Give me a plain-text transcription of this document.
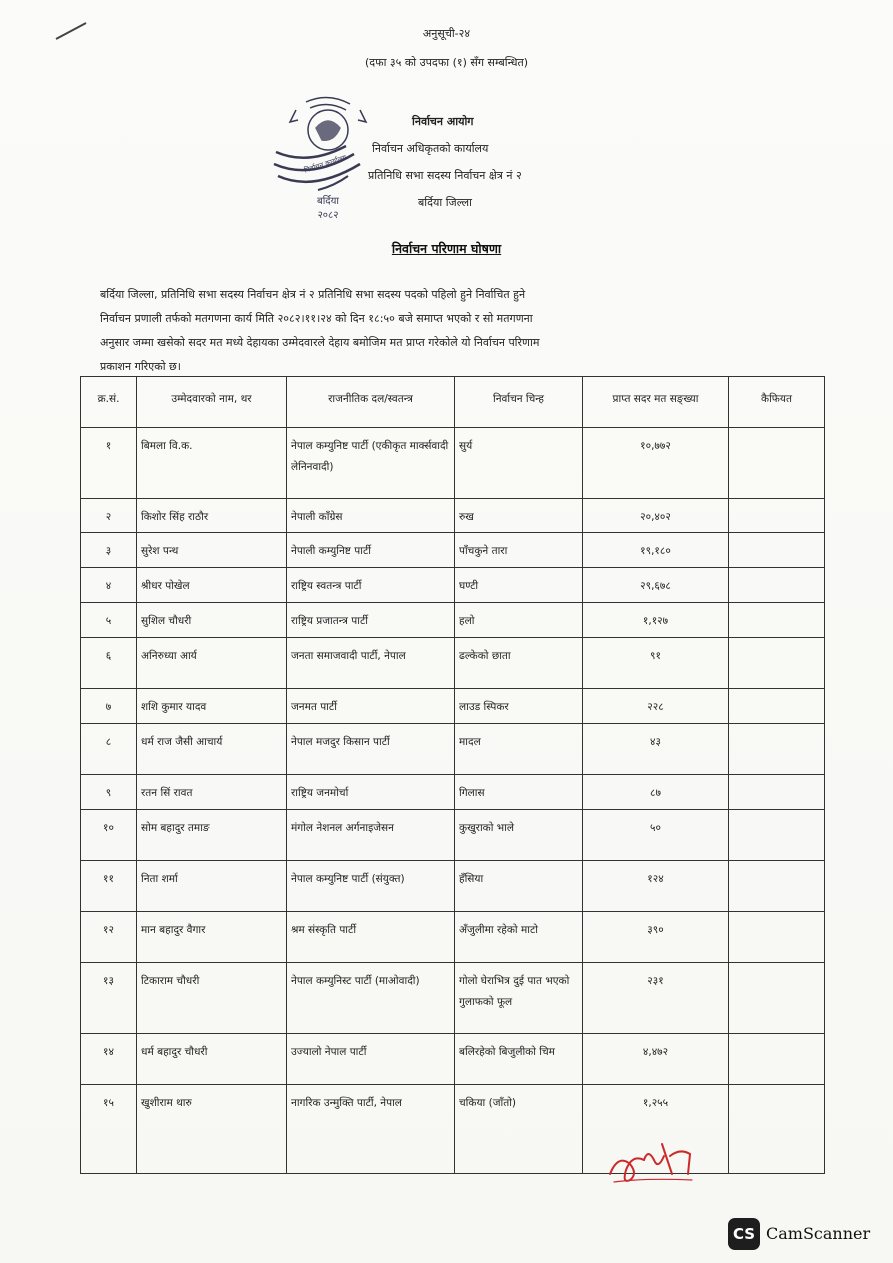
अनुसूची-२४
(दफा ३५ को उपदफा (१) सँग सम्बन्धित)
बर्दिया
२०८२
निर्वाचन कार्यालय
निर्वाचन आयोग
निर्वाचन अधिकृतको कार्यालय
प्रतिनिधि सभा सदस्य निर्वाचन क्षेत्र नं २
बर्दिया जिल्ला
निर्वाचन परिणाम घोषणा
बर्दिया जिल्ला, प्रतिनिधि सभा सदस्य निर्वाचन क्षेत्र नं २ प्रतिनिधि सभा सदस्य पदको पहिलो हुने निर्वाचित हुने
निर्वाचन प्रणाली तर्फको मतगणना कार्य मिति २०८२।११।२४ को दिन १८:५० बजे समाप्त भएको र सो मतगणना
अनुसार जम्मा खसेको सदर मत मध्ये देहायका उम्मेदवारले देहाय बमोजिम मत प्राप्त गरेकोले यो निर्वाचन परिणाम
प्रकाशन गरिएको छ।
क्र.सं.	उम्मेदवारको नाम, थर	राजनीतिक दल/स्वतन्त्र	निर्वाचन चिन्ह	प्राप्त सदर मत सङ्ख्या	कैफियत
१	बिमला वि.क.	नेपाल कम्युनिष्ट पार्टी (एकीकृत मार्क्सवादी लेनिनवादी)	सुर्य	१०,७७२	
२	किशोर सिंह राठौर	नेपाली काँग्रेस	रुख	२०,४०२	
३	सुरेश पन्थ	नेपाली कम्युनिष्ट पार्टी	पाँचकुने तारा	१९,१८०	
४	श्रीधर पोखेल	राष्ट्रिय स्वतन्त्र पार्टी	घण्टी	२९,६७८	
५	सुशिल चौधरी	राष्ट्रिय प्रजातन्त्र पार्टी	हलो	१,१२७	
६	अनिरुध्या आर्य	जनता समाजवादी पार्टी, नेपाल	ढल्केको छाता	९१	
७	शशि कुमार यादव	जनमत पार्टी	लाउड स्पिकर	२२८	
८	धर्म राज जैसी आचार्य	नेपाल मजदुर किसान पार्टी	मादल	४३	
९	रतन सिं रावत	राष्ट्रिय जनमोर्चा	गिलास	८७	
१०	सोम बहादुर तमाङ	मंगोल नेशनल अर्गनाइजेसन	कुखुराको भाले	५०	
११	निता शर्मा	नेपाल कम्युनिष्ट पार्टी (संयुक्त)	हँसिया	१२४	
१२	मान बहादुर वैगार	श्रम संस्कृति पार्टी	अँजुलीमा रहेको माटो	३९०	
१३	टिकाराम चौधरी	नेपाल कम्युनिस्ट पार्टी (माओवादी)	गोलो घेराभित्र दुई पात भएको गुलाफको फूल	२३१	
१४	धर्म बहादुर चौधरी	उज्यालो नेपाल पार्टी	बलिरहेको बिजुलीको चिम	४,४७२	
१५	खुशीराम थारु	नागरिक उन्मुक्ति पार्टी, नेपाल	चकिया (जाँतो)	१,२५५	
CS CamScanner
